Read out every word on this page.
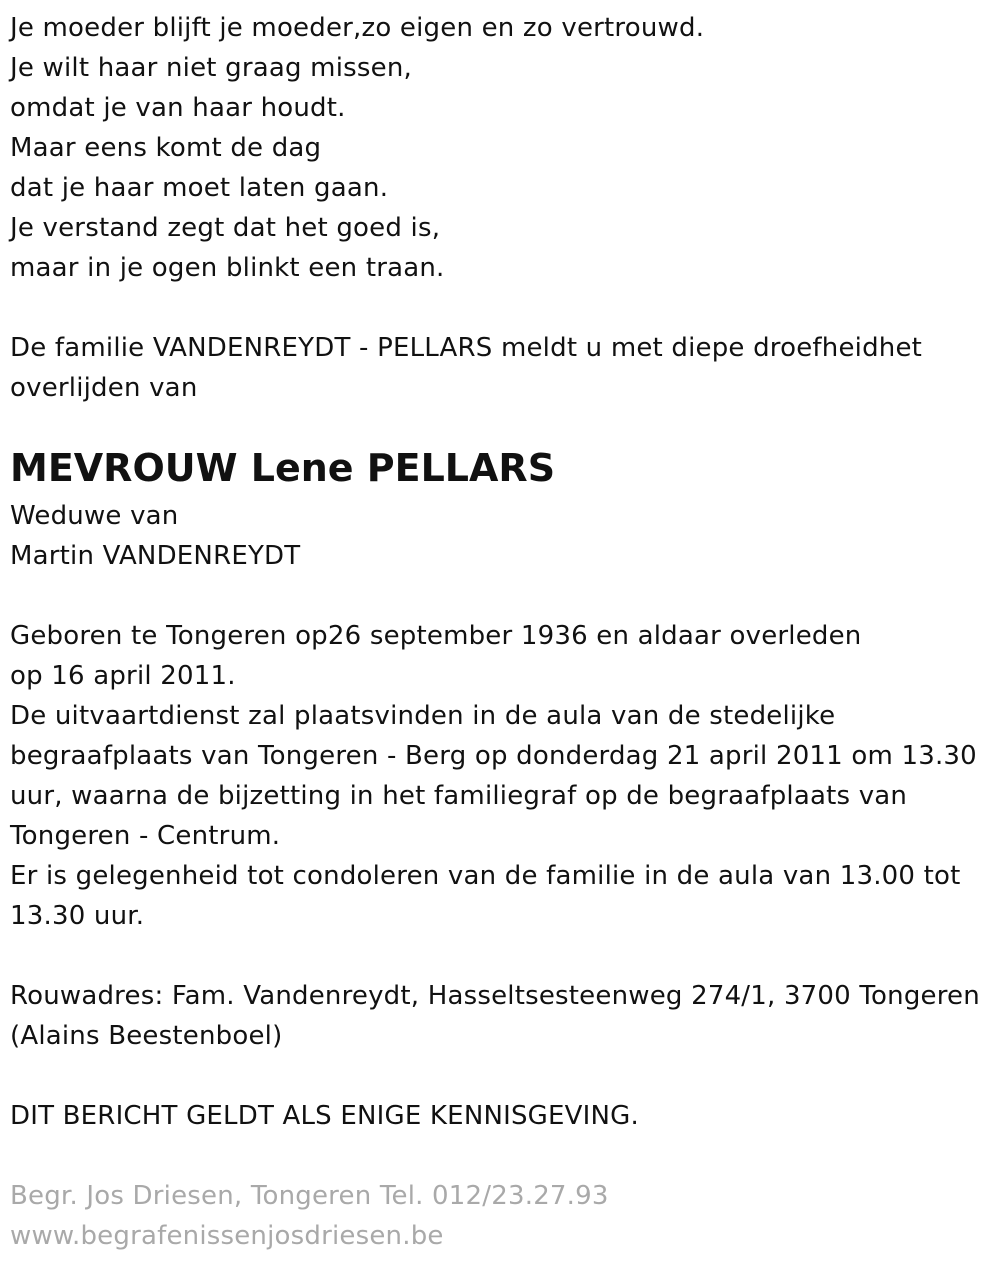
Je moeder blijft je moeder,zo eigen en zo vertrouwd.
Je wilt haar niet graag missen,
omdat je van haar houdt.
Maar eens komt de dag
dat je haar moet laten gaan.
Je verstand zegt dat het goed is,
maar in je ogen blinkt een traan.
De familie VANDENREYDT - PELLARS meldt u met diepe droefheidhet
overlijden van
MEVROUW Lene PELLARS
Weduwe van
Martin VANDENREYDT
Geboren te Tongeren op26 september 1936 en aldaar overleden
op 16 april 2011.
De uitvaartdienst zal plaatsvinden in de aula van de stedelijke
begraafplaats van Tongeren - Berg op donderdag 21 april 2011 om 13.30
uur, waarna de bijzetting in het familiegraf op de begraafplaats van
Tongeren - Centrum.
Er is gelegenheid tot condoleren van de familie in de aula van 13.00 tot
13.30 uur.
Rouwadres: Fam. Vandenreydt, Hasseltsesteenweg 274/1, 3700 Tongeren
(Alains Beestenboel)
DIT BERICHT GELDT ALS ENIGE KENNISGEVING.
Begr. Jos Driesen, Tongeren Tel. 012/23.27.93
www.begrafenissenjosdriesen.be
